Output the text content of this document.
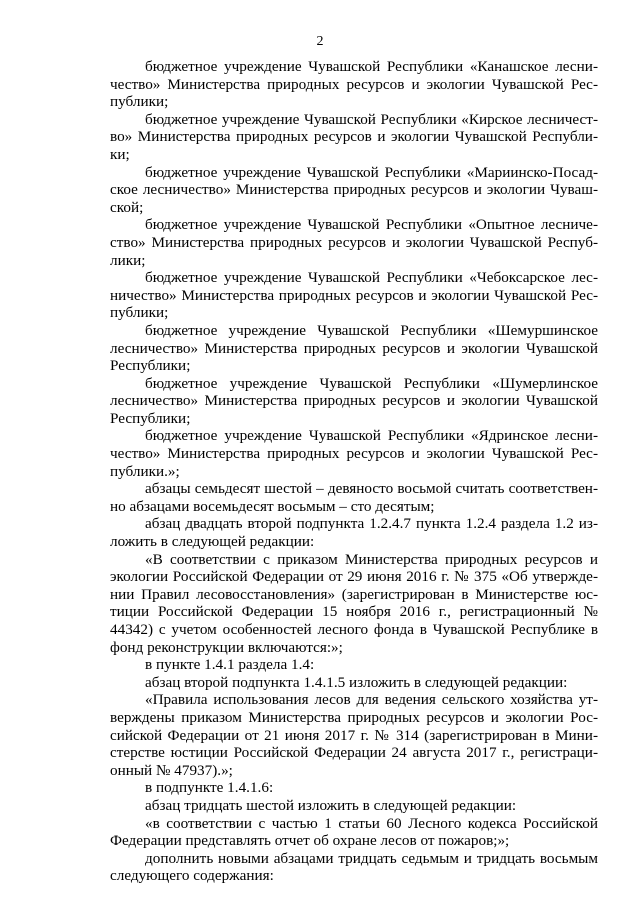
2

бюджетное учреждение Чувашской Республики «Канашское лесничество» Министерства природных ресурсов и экологии Чувашской Республики;

бюджетное учреждение Чувашской Республики «Кирское лесничество» Министерства природных ресурсов и экологии Чувашской Республики;

бюджетное учреждение Чувашской Республики «Мариинско-Посадское лесничество» Министерства природных ресурсов и экологии Чувашской;

бюджетное учреждение Чувашской Республики «Опытное лесничество» Министерства природных ресурсов и экологии Чувашской Республики;

бюджетное учреждение Чувашской Республики «Чебоксарское лесничество» Министерства природных ресурсов и экологии Чувашской Республики;

бюджетное учреждение Чувашской Республики «Шемуршинское лесничество» Министерства природных ресурсов и экологии Чувашской Республики;

бюджетное учреждение Чувашской Республики «Шумерлинское лесничество» Министерства природных ресурсов и экологии Чувашской Республики;

бюджетное учреждение Чувашской Республики «Ядринское лесничество» Министерства природных ресурсов и экологии Чувашской Республики.»;

абзацы семьдесят шестой – девяносто восьмой считать соответственно абзацами восемьдесят восьмым – сто десятым;

абзац двадцать второй подпункта 1.2.4.7 пункта 1.2.4 раздела 1.2 изложить в следующей редакции:

«В соответствии с приказом Министерства природных ресурсов и экологии Российской Федерации от 29 июня 2016 г. № 375 «Об утверждении Правил лесовосстановления» (зарегистрирован в Министерстве юстиции Российской Федерации 15 ноября 2016 г., регистрационный № 44342) с учетом особенностей лесного фонда в Чувашской Республике в фонд реконструкции включаются:»;

в пункте 1.4.1 раздела 1.4:

абзац второй подпункта 1.4.1.5 изложить в следующей редакции:

«Правила использования лесов для ведения сельского хозяйства утверждены приказом Министерства природных ресурсов и экологии Российской Федерации от 21 июня 2017 г. № 314 (зарегистрирован в Министерстве юстиции Российской Федерации 24 августа 2017 г., регистрационный № 47937).»;

в подпункте 1.4.1.6:

абзац тридцать шестой изложить в следующей редакции:

«в соответствии с частью 1 статьи 60 Лесного кодекса Российской Федерации представлять отчет об охране лесов от пожаров;»;

дополнить новыми абзацами тридцать седьмым и тридцать восьмым следующего содержания:
